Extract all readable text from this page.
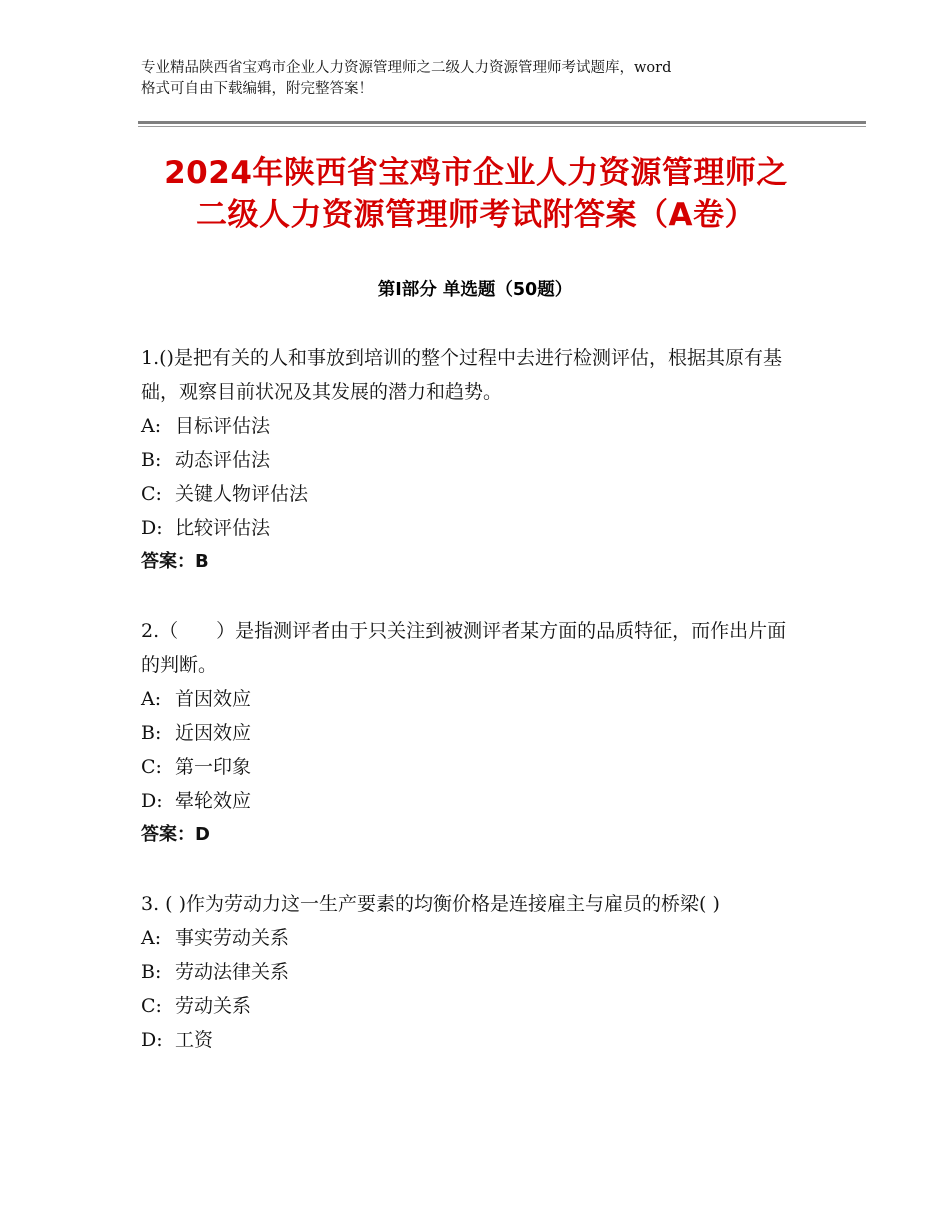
专业精品陕西省宝鸡市企业人力资源管理师之二级人力资源管理师考试题库，word
格式可自由下载编辑，附完整答案！
2024年陕西省宝鸡市企业人力资源管理师之
二级人力资源管理师考试附答案（A卷）
第Ⅰ部分 单选题（50题）
1.()是把有关的人和事放到培训的整个过程中去进行检测评估，根据其原有基础，观察目前状况及其发展的潜力和趋势。
A: 目标评估法
B: 动态评估法
C: 关键人物评估法
D: 比较评估法
答案：B
2.（　　）是指测评者由于只关注到被测评者某方面的品质特征，而作出片面的判断。
A: 首因效应
B: 近因效应
C: 第一印象
D: 晕轮效应
答案：D
3. ( )作为劳动力这一生产要素的均衡价格是连接雇主与雇员的桥梁( )
A: 事实劳动关系
B: 劳动法律关系
C: 劳动关系
D: 工资
